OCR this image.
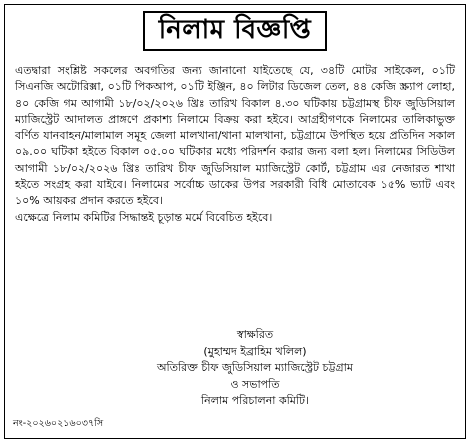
নিলাম বিজ্ঞপ্তি

এতদ্বারা সংশ্লিষ্ট সকলের অবগতির জন্য জানানো যাইতেছে যে, ৩৪টি মোটর সাইকেল, ০১টি সিএনজি অটোরিক্সা, ০১টি পিকআপ, ০১টি ইঞ্জিন, ৪০ লিটার ডিজেল তেল, ৪৪ কেজি স্ক্র্যাপ লোহা, ৪০ কেজি গম আগামী ১৮/০২/২০২৬ খ্রিঃ তারিখ বিকাল ৪.৩০ ঘটিকায় চট্টগ্রামস্থ চীফ জুডিসিয়াল ম্যাজিস্ট্রেট আদালত প্রাঙ্গণে প্রকাশ্য নিলামে বিক্রয় করা হইবে। আগ্রহীগণকে নিলামের তালিকাভুক্ত বর্ণিত যানবাহন/মালামাল সমূহ জেলা মালখানা/থানা মালখানা, চট্টগ্রামে উপস্থিত হয়ে প্রতিদিন সকাল ০৯.০০ ঘটিকা হইতে বিকাল ০৫.০০ ঘটিকার মধ্যে পরিদর্শন করার জন্য বলা হল। নিলামের সিডিউল আগামী ১৮/০২/২০২৬ খ্রিঃ তারিখ চীফ জুডিসিয়াল ম্যাজিস্ট্রেট কোর্ট, চট্টগ্রাম এর নেজারত শাখা হইতে সংগ্রহ করা যাইবে। নিলামের সর্বোচ্চ ডাকের উপর সরকারী বিধি মোতাবেক ১৫% ভ্যাট এবং ১০% আয়কর প্রদান করতে হইবে।

এক্ষেত্রে নিলাম কমিটির সিদ্ধান্তই চূড়ান্ত মর্মে বিবেচিত হইবে।

স্বাক্ষরিত
(মুহাম্মদ ইব্রাহিম খলিল)
অতিরিক্ত চীফ জুডিসিয়াল ম্যাজিস্ট্রেট চট্টগ্রাম
ও সভাপতি
নিলাম পরিচালনা কমিটি।
নং-২০২৬০২১৬০৩৭সি
